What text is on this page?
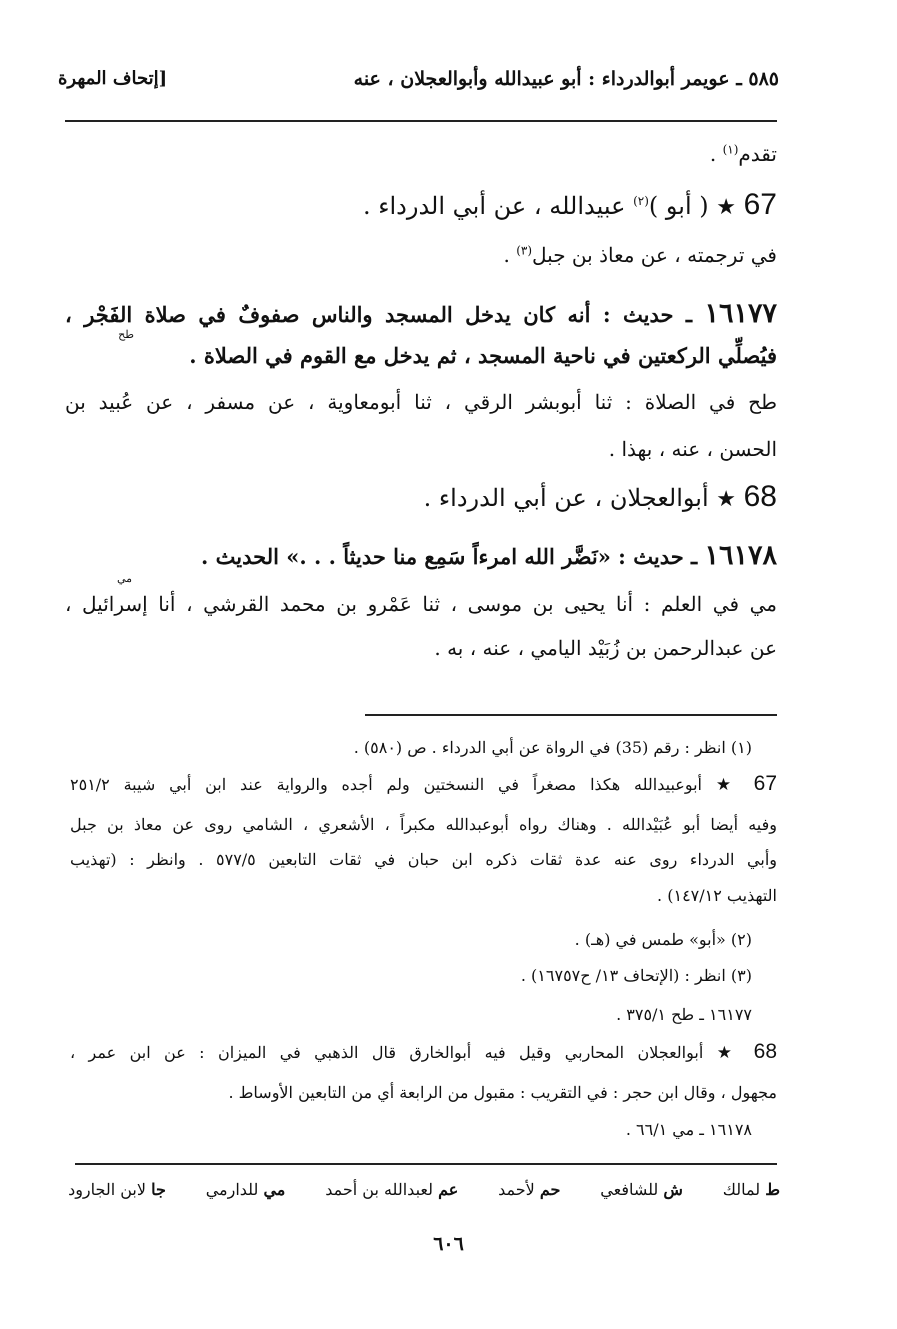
٥٨٥ ـ عويمر أبوالدرداء : أبو عبيدالله وأبوالعجلان ، عنه
[إتحاف المهرة
تقدم$^{(١)}$ .
67 ★ ( أبو )$^{(٢)}$ عبيدالله ، عن أبي الدرداء .
في ترجمته ، عن معاذ بن جبل$^{(٣)}$ .
١٦١٧٧ ـ حديث : أنه كان يدخل المسجد والناس صفوفٌ في صلاة الفَجْر ،
طح
فيُصلِّي الركعتين في ناحية المسجد ، ثم يدخل مع القوم في الصلاة .
طح في الصلاة : ثنا أبوبشر الرقي ، ثنا أبومعاوية ، عن مسفر ، عن عُبيد بن
الحسن ، عنه ، بهذا .
68 ★ أبوالعجلان ، عن أبي الدرداء .
١٦١٧٨ ـ حديث : «نَضَّر الله امرءاً سَمِع منا حديثاً . . .» الحديث .
مي
مي في العلم : أنا يحيى بن موسى ، ثنا عَمْرو بن محمد القرشي ، أنا إسرائيل ،
عن عبدالرحمن بن زُبَيْد اليامي ، عنه ، به .
(١) انظر : رقم (35) في الرواة عن أبي الدرداء . ص (٥٨٠) .
67 ★ أبوعبيدالله هكذا مصغراً في النسختين ولم أجده والرواية عند ابن أبي شيبة ٢٥١/٢
وفيه أيضا أبو عُبَيْدالله . وهناك رواه أبوعبدالله مكبراً ، الأشعري ، الشامي روى عن معاذ بن جبل
وأبي الدرداء روى عنه عدة ثقات ذكره ابن حبان في ثقات التابعين ٥٧٧/٥ . وانظر : (تهذيب
التهذيب ١٤٧/١٢) .
(٢) «أبو» طمس في (هـ) .
(٣) انظر : (الإتحاف ١٣/ ح١٦٧٥٧) .
١٦١٧٧ ـ طح ٣٧٥/١ .
68 ★ أبوالعجلان المحاربي وقيل فيه أبوالخارق قال الذهبي في الميزان : عن ابن عمر ،
مجهول ، وقال ابن حجر : في التقريب : مقبول من الرابعة أي من التابعين الأوساط .
١٦١٧٨ ـ مي ٦٦/١ .
ط لمالك
ش للشافعي
حم لأحمد
عم لعبدالله بن أحمد
مي للدارمي
جا لابن الجارود
٦٠٦
